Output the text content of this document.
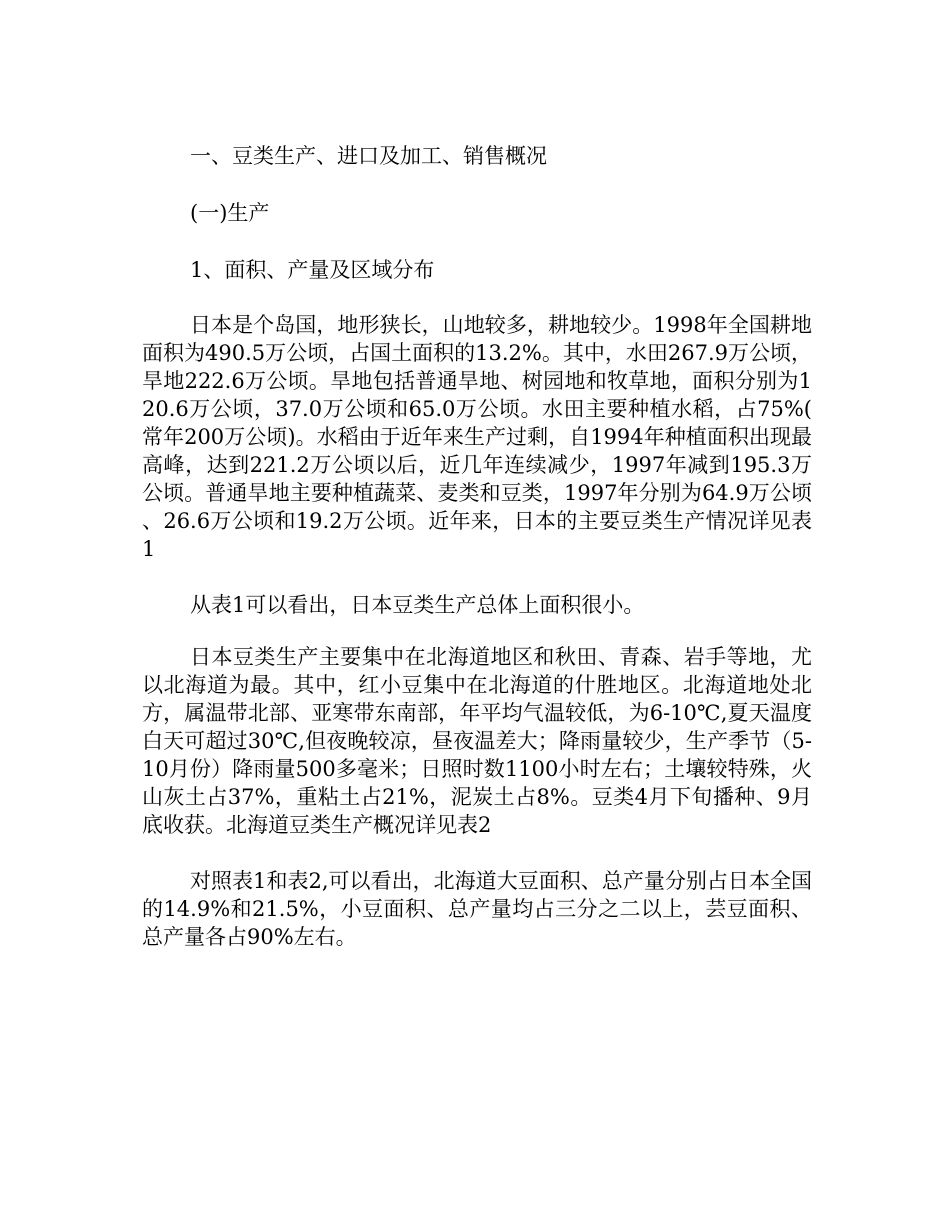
一、豆类生产、进口及加工、销售概况
(一)生产
1、面积、产量及区域分布

日本是个岛国，地形狭长，山地较多，耕地较少。1998年全国耕地面积为490.5万公顷，占国土面积的13.2%。其中，水田267.9万公顷，旱地222.6万公顷。旱地包括普通旱地、树园地和牧草地，面积分别为120.6万公顷，37.0万公顷和65.0万公顷。水田主要种植水稻，占75%(常年200万公顷)。水稻由于近年来生产过剩，自1994年种植面积出现最高峰，达到221.2万公顷以后，近几年连续减少，1997年减到195.3万公顷。普通旱地主要种植蔬菜、麦类和豆类，1997年分别为64.9万公顷、26.6万公顷和19.2万公顷。近年来，日本的主要豆类生产情况详见表1

从表1可以看出，日本豆类生产总体上面积很小。

日本豆类生产主要集中在北海道地区和秋田、青森、岩手等地，尤以北海道为最。其中，红小豆集中在北海道的什胜地区。北海道地处北方，属温带北部、亚寒带东南部，年平均气温较低，为6-10℃,夏天温度白天可超过30℃,但夜晚较凉，昼夜温差大；降雨量较少，生产季节（5-10月份）降雨量500多毫米；日照时数1100小时左右；土壤较特殊，火山灰土占37%，重粘土占21%，泥炭土占8%。豆类4月下旬播种、9月底收获。北海道豆类生产概况详见表2

对照表1和表2,可以看出，北海道大豆面积、总产量分别占日本全国的14.9%和21.5%，小豆面积、总产量均占三分之二以上，芸豆面积、总产量各占90%左右。
